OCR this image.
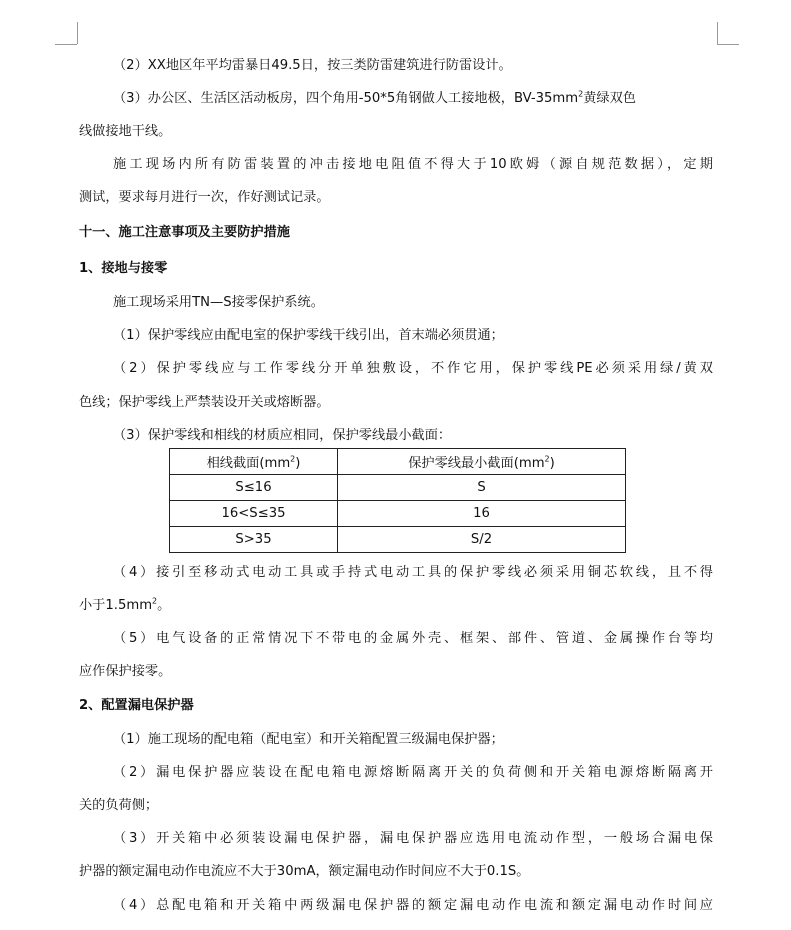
（2）XX地区年平均雷暴日49.5日，按三类防雷建筑进行防雷设计。
（3）办公区、生活区活动板房，四个角用-50*5角钢做人工接地极，$BV-35mm^2$黄绿双色
线做接地干线。
施工现场内所有防雷装置的冲击接地电阻值不得大于10欧姆（源自规范数据），定期
测试，要求每月进行一次，作好测试记录。
十一、施工注意事项及主要防护措施
1、接地与接零
施工现场采用TN—S接零保护系统。
（1）保护零线应由配电室的保护零线干线引出，首末端必须贯通；
（2）保护零线应与工作零线分开单独敷设，不作它用，保护零线PE必须采用绿/黄双
色线；保护零线上严禁装设开关或熔断器。
（3）保护零线和相线的材质应相同，保护零线最小截面：
相线截面$(mm^2)$	保护零线最小截面$(mm^2)$
S≤16	S
16<S≤35	16
S>35	S/2
（4）接引至移动式电动工具或手持式电动工具的保护零线必须采用铜芯软线，且不得
小于$1.5mm^2$。
（5）电气设备的正常情况下不带电的金属外壳、框架、部件、管道、金属操作台等均
应作保护接零。
2、配置漏电保护器
（1）施工现场的配电箱（配电室）和开关箱配置三级漏电保护器；
（2）漏电保护器应装设在配电箱电源熔断隔离开关的负荷侧和开关箱电源熔断隔离开
关的负荷侧；
（3）开关箱中必须装设漏电保护器，漏电保护器应选用电流动作型，一般场合漏电保
护器的额定漏电动作电流应不大于30mA，额定漏电动作时间应不大于0.1S。
（4）总配电箱和开关箱中两级漏电保护器的额定漏电动作电流和额定漏电动作时间应
